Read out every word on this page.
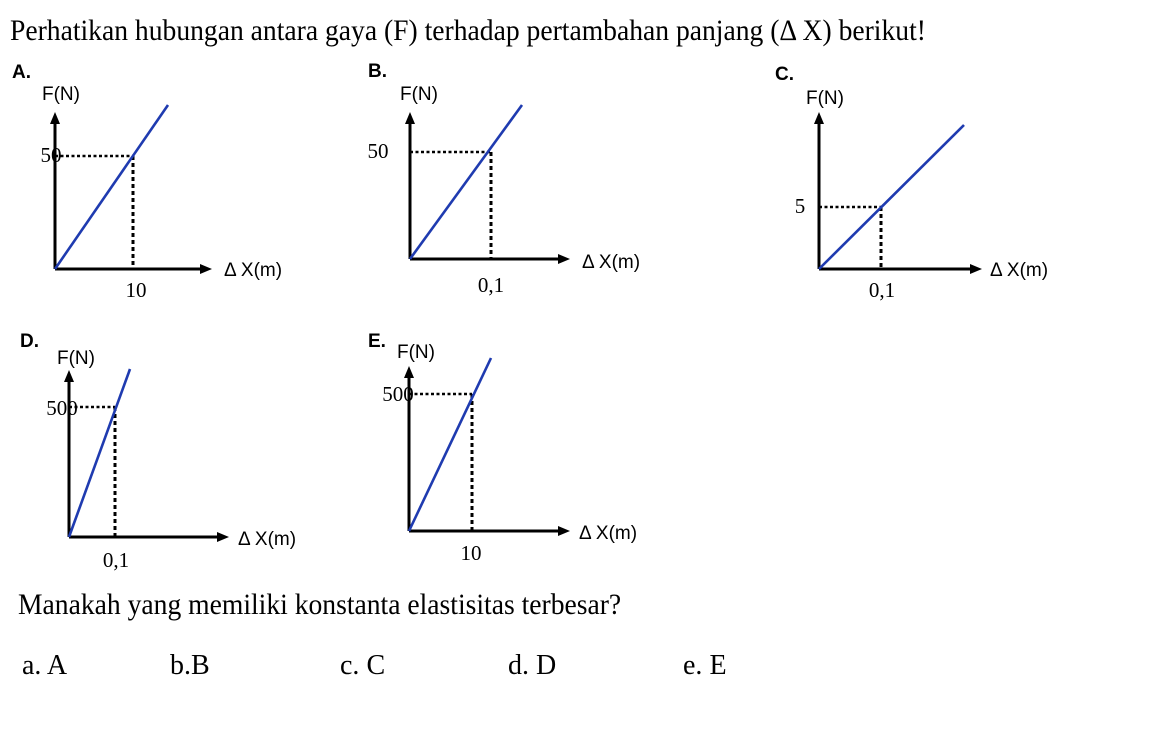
Perhatikan hubungan antara gaya (F) terhadap pertambahan panjang (Δ X) berikut!
A.
F(N)
50
10
Δ X(m)
B.
F(N)
50
0,1
Δ X(m)
C.
F(N)
5
0,1
Δ X(m)
D.
F(N)
500
0,1
Δ X(m)
E.
F(N)
500
10
Δ X(m)

Manakah yang memiliki konstanta elastisitas terbesar?

a. A	b.B	c. C	d. D	e. E
